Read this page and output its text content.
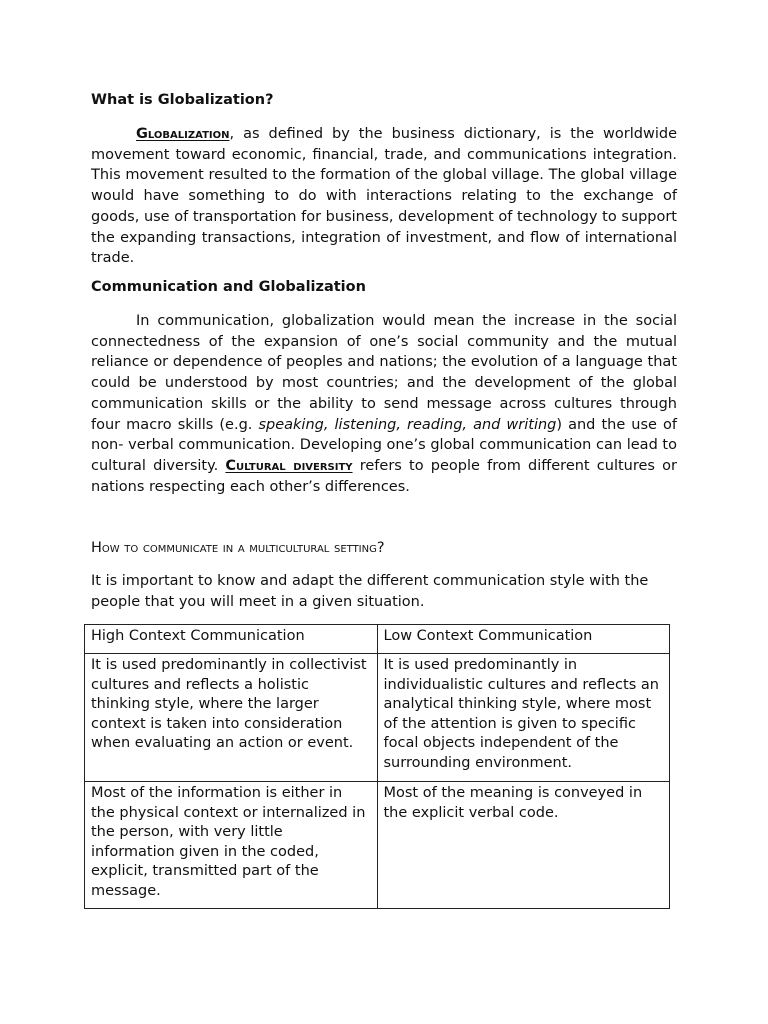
What is Globalization?

Globalization, as defined by the business dictionary, is the worldwide movement toward economic, financial, trade, and communications integration. This movement resulted to the formation of the global village. The global village would have something to do with interactions relating to the exchange of goods, use of transportation for business, development of technology to support the expanding transactions, integration of investment, and flow of international trade.

Communication and Globalization

In communication, globalization would mean the increase in the social connectedness of the expansion of one’s social community and the mutual reliance or dependence of peoples and nations; the evolution of a language that could be understood by most countries; and the development of the global communication skills or the ability to send message across cultures through four macro skills (e.g. speaking, listening, reading, and writing) and the use of non- verbal communication. Developing one’s global communication can lead to cultural diversity. Cultural diversity refers to people from different cultures or nations respecting each other’s differences.

How to communicate in a multicultural setting?

It is important to know and adapt the different communication style with the people that you will meet in a given situation.

High Context Communication	Low Context Communication
It is used predominantly in collectivist cultures and reflects a holistic thinking style, where the larger context is taken into consideration when evaluating an action or event.	It is used predominantly in individualistic cultures and reflects an analytical thinking style, where most of the attention is given to specific focal objects independent of the surrounding environment.
Most of the information is either in the physical context or internalized in the person, with very little information given in the coded, explicit, transmitted part of the message.	Most of the meaning is conveyed in the explicit verbal code.
